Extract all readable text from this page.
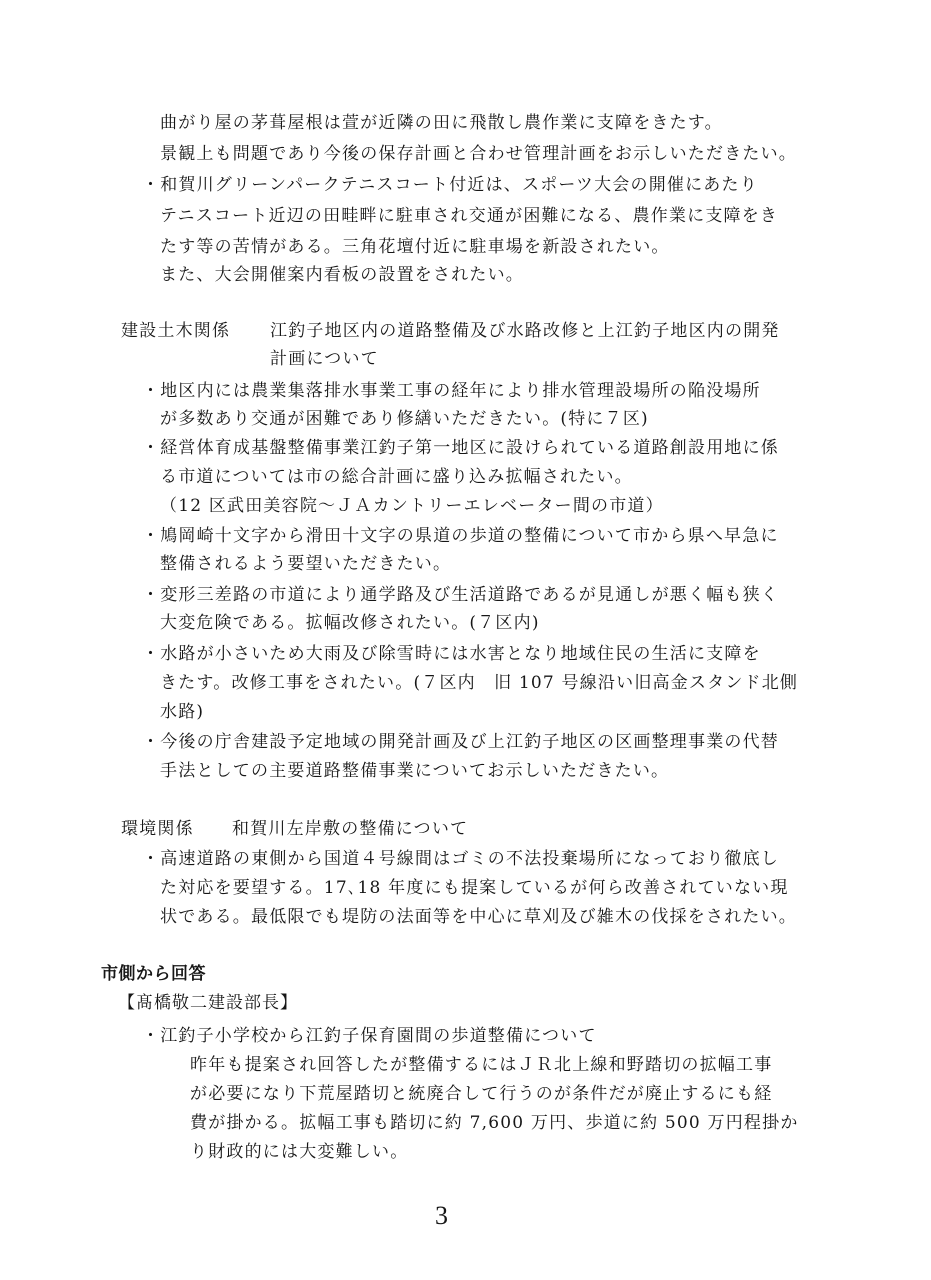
曲がり屋の茅葺屋根は萱が近隣の田に飛散し農作業に支障をきたす。
景観上も問題であり今後の保存計画と合わせ管理計画をお示しいただきたい。
・和賀川グリーンパークテニスコート付近は、スポーツ大会の開催にあたり
テニスコート近辺の田畦畔に駐車され交通が困難になる、農作業に支障をき
たす等の苦情がある。三角花壇付近に駐車場を新設されたい。
また、大会開催案内看板の設置をされたい。
建設土木関係 江釣子地区内の道路整備及び水路改修と上江釣子地区内の開発
計画について
・地区内には農業集落排水事業工事の経年により排水管理設場所の陥没場所
が多数あり交通が困難であり修繕いただきたい。(特に７区)
・経営体育成基盤整備事業江釣子第一地区に設けられている道路創設用地に係
る市道については市の総合計画に盛り込み拡幅されたい。
（12 区武田美容院～ＪＡカントリーエレベーター間の市道）
・鳩岡崎十文字から滑田十文字の県道の歩道の整備について市から県へ早急に
整備されるよう要望いただきたい。
・変形三差路の市道により通学路及び生活道路であるが見通しが悪く幅も狭く
大変危険である。拡幅改修されたい。(７区内)
・水路が小さいため大雨及び除雪時には水害となり地域住民の生活に支障を
きたす。改修工事をされたい。(７区内　旧 107 号線沿い旧高金スタンド北側
水路)
・今後の庁舎建設予定地域の開発計画及び上江釣子地区の区画整理事業の代替
手法としての主要道路整備事業についてお示しいただきたい。
環境関係 和賀川左岸敷の整備について
・高速道路の東側から国道４号線間はゴミの不法投棄場所になっており徹底し
た対応を要望する。17､18 年度にも提案しているが何ら改善されていない現
状である。最低限でも堤防の法面等を中心に草刈及び雑木の伐採をされたい。
市側から回答
【髙橋敬二建設部長】
・江釣子小学校から江釣子保育園間の歩道整備について
昨年も提案され回答したが整備するにはＪＲ北上線和野踏切の拡幅工事
が必要になり下荒屋踏切と統廃合して行うのが条件だが廃止するにも経
費が掛かる。拡幅工事も踏切に約 7,600 万円、歩道に約 500 万円程掛か
り財政的には大変難しい。
3
